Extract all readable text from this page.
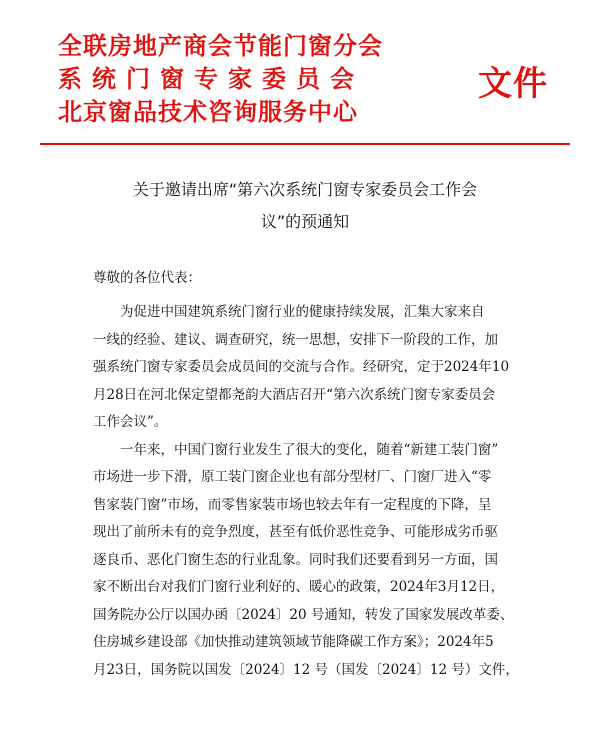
全联房地产商会节能门窗分会
系统门窗专家委员会
北京窗品技术咨询服务中心
文件
关于邀请出席“第六次系统门窗专家委员会工作会
议”的预通知
尊敬的各位代表：
为促进中国建筑系统门窗行业的健康持续发展，汇集大家来自
一线的经验、建议、调查研究，统一思想，安排下一阶段的工作，加
强系统门窗专家委员会成员间的交流与合作。经研究，定于2024年10
月28日在河北保定望都尧韵大酒店召开“第六次系统门窗专家委员会
工作会议”。
一年来，中国门窗行业发生了很大的变化，随着“新建工装门窗”
市场进一步下滑，原工装门窗企业也有部分型材厂、门窗厂进入“零
售家装门窗”市场，而零售家装市场也较去年有一定程度的下降，呈
现出了前所未有的竞争烈度，甚至有低价恶性竞争、可能形成劣币驱
逐良币、恶化门窗生态的行业乱象。同时我们还要看到另一方面，国
家不断出台对我们门窗行业利好的、暖心的政策，2024年3月12日，
国务院办公厅以国办函〔2024〕20 号通知，转发了国家发展改革委、
住房城乡建设部《加快推动建筑领域节能降碳工作方案》；2024年5
月23日，国务院以国发〔2024〕12 号（国发〔2024〕12 号）文件，
